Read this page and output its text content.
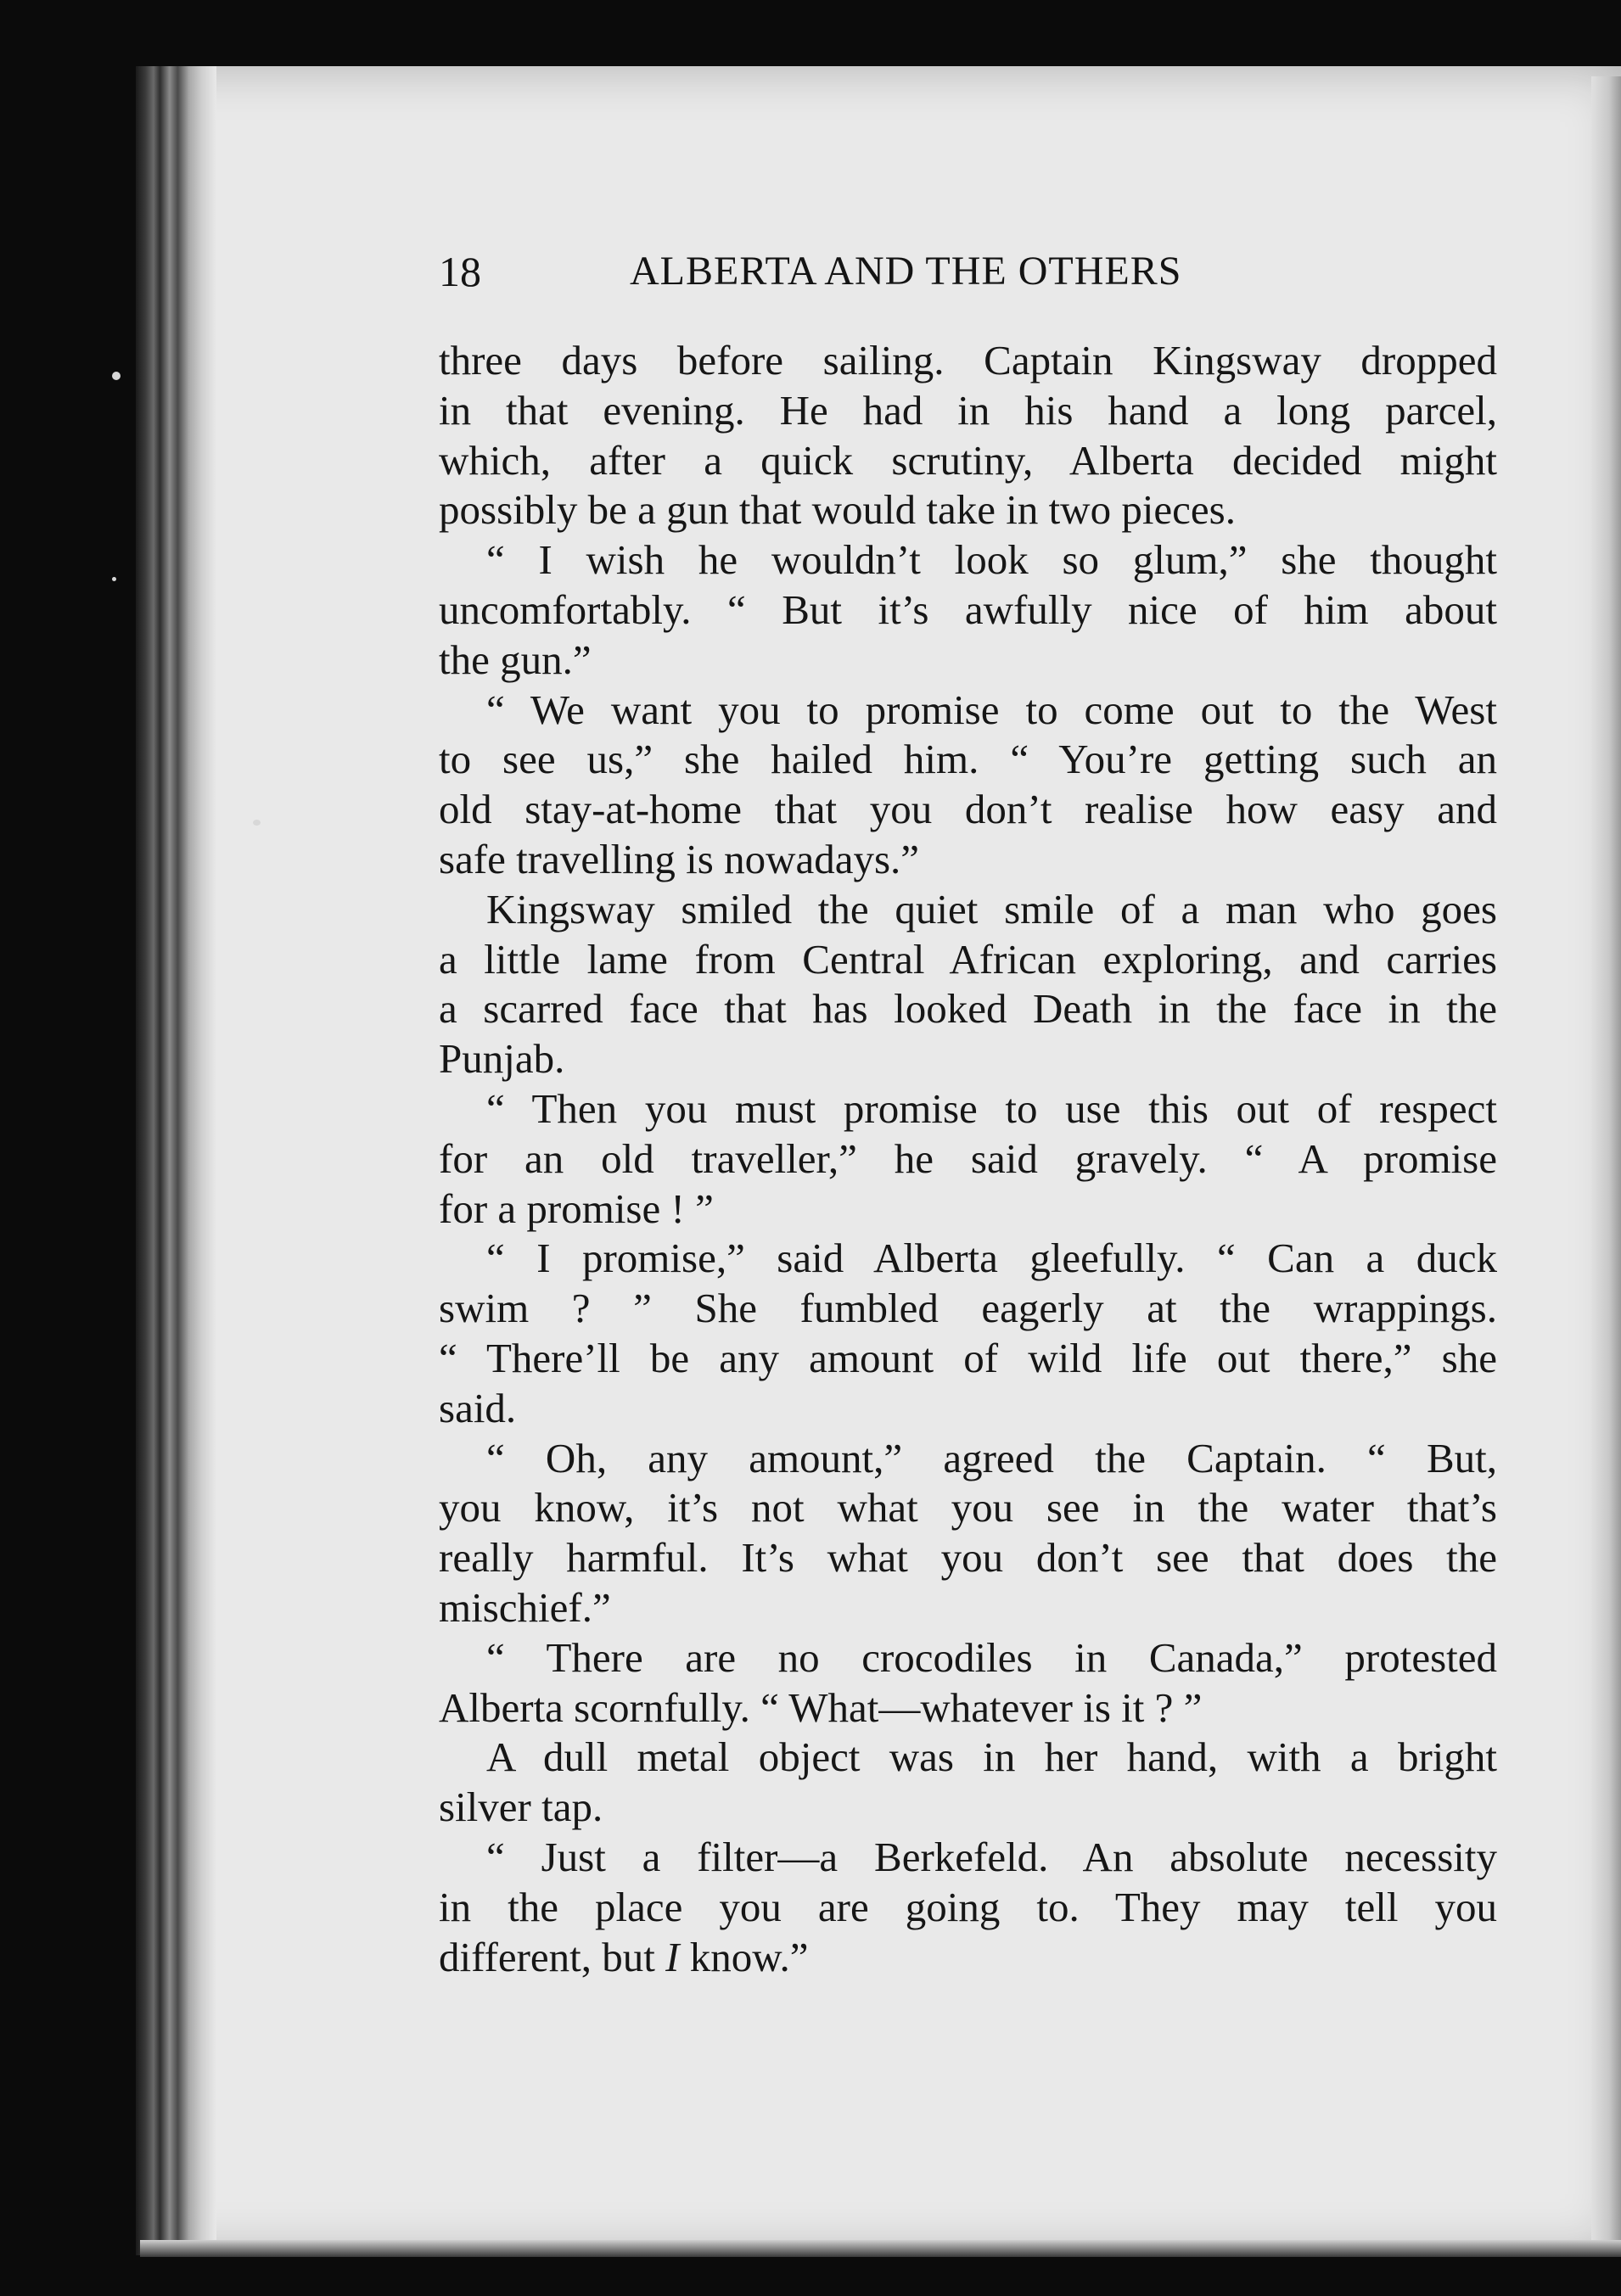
18	ALBERTA AND THE OTHERS
three days before sailing. Captain Kingsway dropped
in that evening. He had in his hand a long parcel,
which, after a quick scrutiny, Alberta decided might
possibly be a gun that would take in two pieces.
“ I wish he wouldn’t look so glum,” she thought
uncomfortably. “ But it’s awfully nice of him about
the gun.”
“ We want you to promise to come out to the West
to see us,” she hailed him. “ You’re getting such an
old stay-at-home that you don’t realise how easy and
safe travelling is nowadays.”
Kingsway smiled the quiet smile of a man who goes
a little lame from Central African exploring, and carries
a scarred face that has looked Death in the face in the
Punjab.
“ Then you must promise to use this out of respect
for an old traveller,” he said gravely. “ A promise
for a promise ! ”
“ I promise,” said Alberta gleefully. “ Can a duck
swim ? ” She fumbled eagerly at the wrappings.
“ There’ll be any amount of wild life out there,” she
said.
“ Oh, any amount,” agreed the Captain. “ But,
you know, it’s not what you see in the water that’s
really harmful. It’s what you don’t see that does the
mischief.”
“ There are no crocodiles in Canada,” protested
Alberta scornfully. “ What—whatever is it ? ”
A dull metal object was in her hand, with a bright
silver tap.
“ Just a filter—a Berkefeld. An absolute necessity
in the place you are going to. They may tell you
different, but I know.”
